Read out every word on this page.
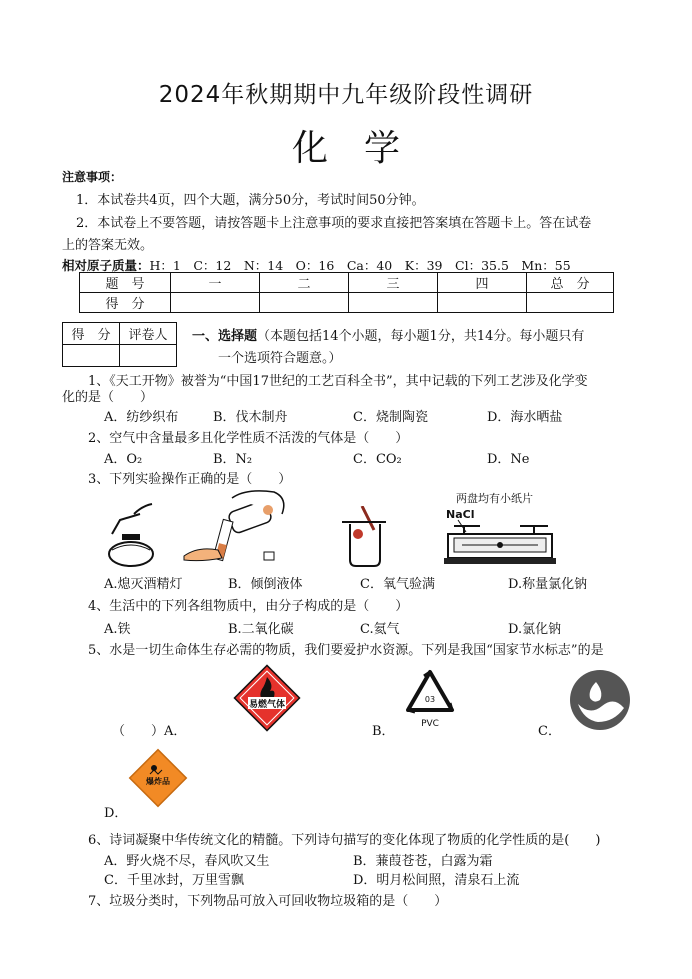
2024年秋期期中九年级阶段性调研
化　学
注意事项：
1．本试卷共4页，四个大题，满分50分，考试时间50分钟。
2．本试卷上不要答题，请按答题卡上注意事项的要求直接把答案填在答题卡上。答在试卷
上的答案无效。
相对原子质量：H：1　C：12　N：14　O：16　Ca：40　K：39　Cl：35.5　Mn：55
题　号	一	二	三	四	总　分
得　分					
得　分	评卷人
	一、选择题（本题包括14个小题，每小题1分，共14分。每小题只有
一个选项符合题意。）
1、《天工开物》被誉为“中国17世纪的工艺百科全书”，其中记载的下列工艺涉及化学变
化的是（　　）
A．纺纱织布	B．伐木制舟	C．烧制陶瓷	D．海水晒盐
2、空气中含量最多且化学性质不活泼的气体是（　　）
A．O₂	B．N₂	C．CO₂	D．Ne
3、下列实验操作正确的是（　　）
两盘均有小纸片
NaCl
A.熄灭酒精灯	B．倾倒液体	C．氧气验满	D.称量氯化钠
4、生活中的下列各组物质中，由分子构成的是（　　）
A.铁	B.二氧化碳	C.氦气	D.氯化钠
5、水是一切生命体生存必需的物质，我们要爱护水资源。下列是我国“国家节水标志”的是
易燃气体
03
PVC
（　　）A．	B．	C．
爆炸品
D．
6、诗词凝聚中华传统文化的精髓。下列诗句描写的变化体现了物质的化学性质的是(　　)
A．野火烧不尽，春风吹又生	B．蒹葭苍苍，白露为霜
C．千里冰封，万里雪飘	D．明月松间照，清泉石上流
7、垃圾分类时，下列物品可放入可回收物垃圾箱的是（　　）
